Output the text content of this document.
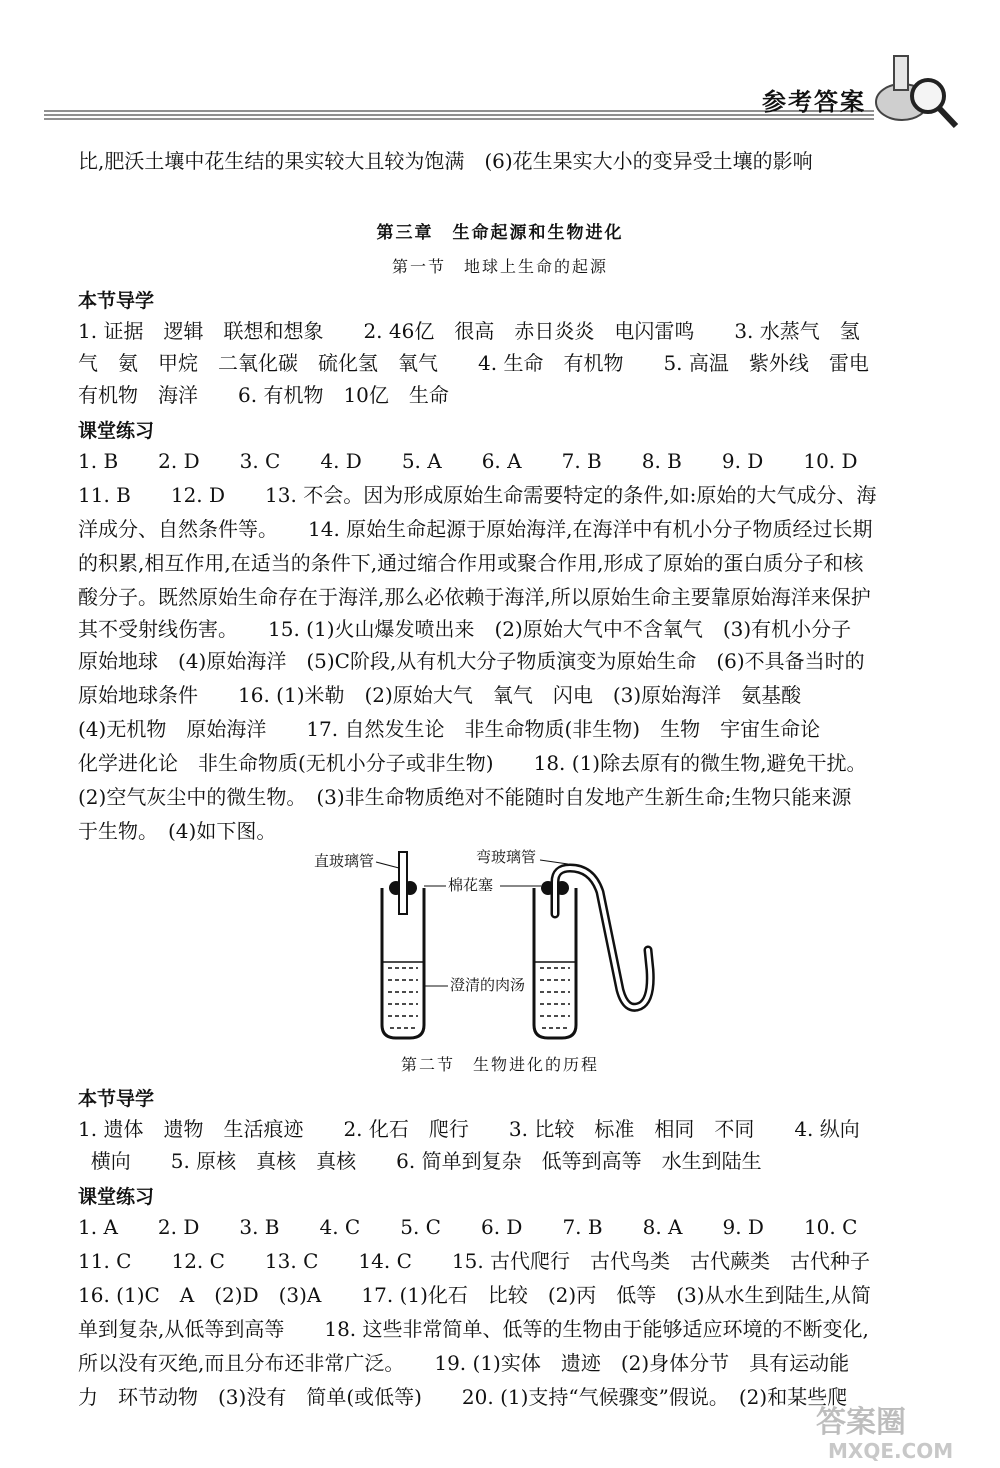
参考答案
比,肥沃土壤中花生结的果实较大且较为饱满　(6)花生果实大小的变异受土壤的影响
第三章　生命起源和生物进化
第一节　地球上生命的起源
本节导学
1. 证据　逻辑　联想和想象　　2. 46亿　很高　赤日炎炎　电闪雷鸣　　3. 水蒸气　氢
气　氨　甲烷　二氧化碳　硫化氢　氧气　　4. 生命　有机物　　5. 高温　紫外线　雷电
有机物　海洋　　6. 有机物　10亿　生命
课堂练习
1. B　　2. D　　3. C　　4. D　　5. A　　6. A　　7. B　　8. B　　9. D　　10. D
11. B　　12. D　　13. 不会。因为形成原始生命需要特定的条件,如:原始的大气成分、海
洋成分、自然条件等。　　14. 原始生命起源于原始海洋,在海洋中有机小分子物质经过长期
的积累,相互作用,在适当的条件下,通过缩合作用或聚合作用,形成了原始的蛋白质分子和核
酸分子。既然原始生命存在于海洋,那么必依赖于海洋,所以原始生命主要靠原始海洋来保护
其不受射线伤害。　　15. (1)火山爆发喷出来　(2)原始大气中不含氧气　(3)有机小分子
原始地球　(4)原始海洋　(5)C阶段,从有机大分子物质演变为原始生命　(6)不具备当时的
原始地球条件　　16. (1)米勒　(2)原始大气　氧气　闪电　(3)原始海洋　氨基酸
(4)无机物　原始海洋　　17. 自然发生论　非生命物质(非生物)　生物　宇宙生命论
化学进化论　非生命物质(无机小分子或非生物)　　18. (1)除去原有的微生物,避免干扰。
(2)空气灰尘中的微生物。　(3)非生命物质绝对不能随时自发地产生新生命;生物只能来源
于生物。　(4)如下图。
直玻璃管	弯玻璃管
棉花塞
澄清的肉汤
第二节　生物进化的历程
本节导学
1. 遗体　遗物　生活痕迹　　2. 化石　爬行　　3. 比较　标准　相同　不同　　4. 纵向
横向　　5. 原核　真核　真核　　6. 简单到复杂　低等到高等　水生到陆生
课堂练习
1. A　　2. D　　3. B　　4. C　　5. C　　6. D　　7. B　　8. A　　9. D　　10. C
11. C　　12. C　　13. C　　14. C　　15. 古代爬行　古代鸟类　古代蕨类　古代种子
16. (1)C　A　(2)D　(3)A　　17. (1)化石　比较　(2)丙　低等　(3)从水生到陆生,从简
单到复杂,从低等到高等　　18. 这些非常简单、低等的生物由于能够适应环境的不断变化,
所以没有灭绝,而且分布还非常广泛。　　19. (1)实体　遗迹　(2)身体分节　具有运动能
力　环节动物　(3)没有　简单(或低等)　　20. (1)支持“气候骤变”假说。　(2)和某些爬
答案圈
MXQE.COM
